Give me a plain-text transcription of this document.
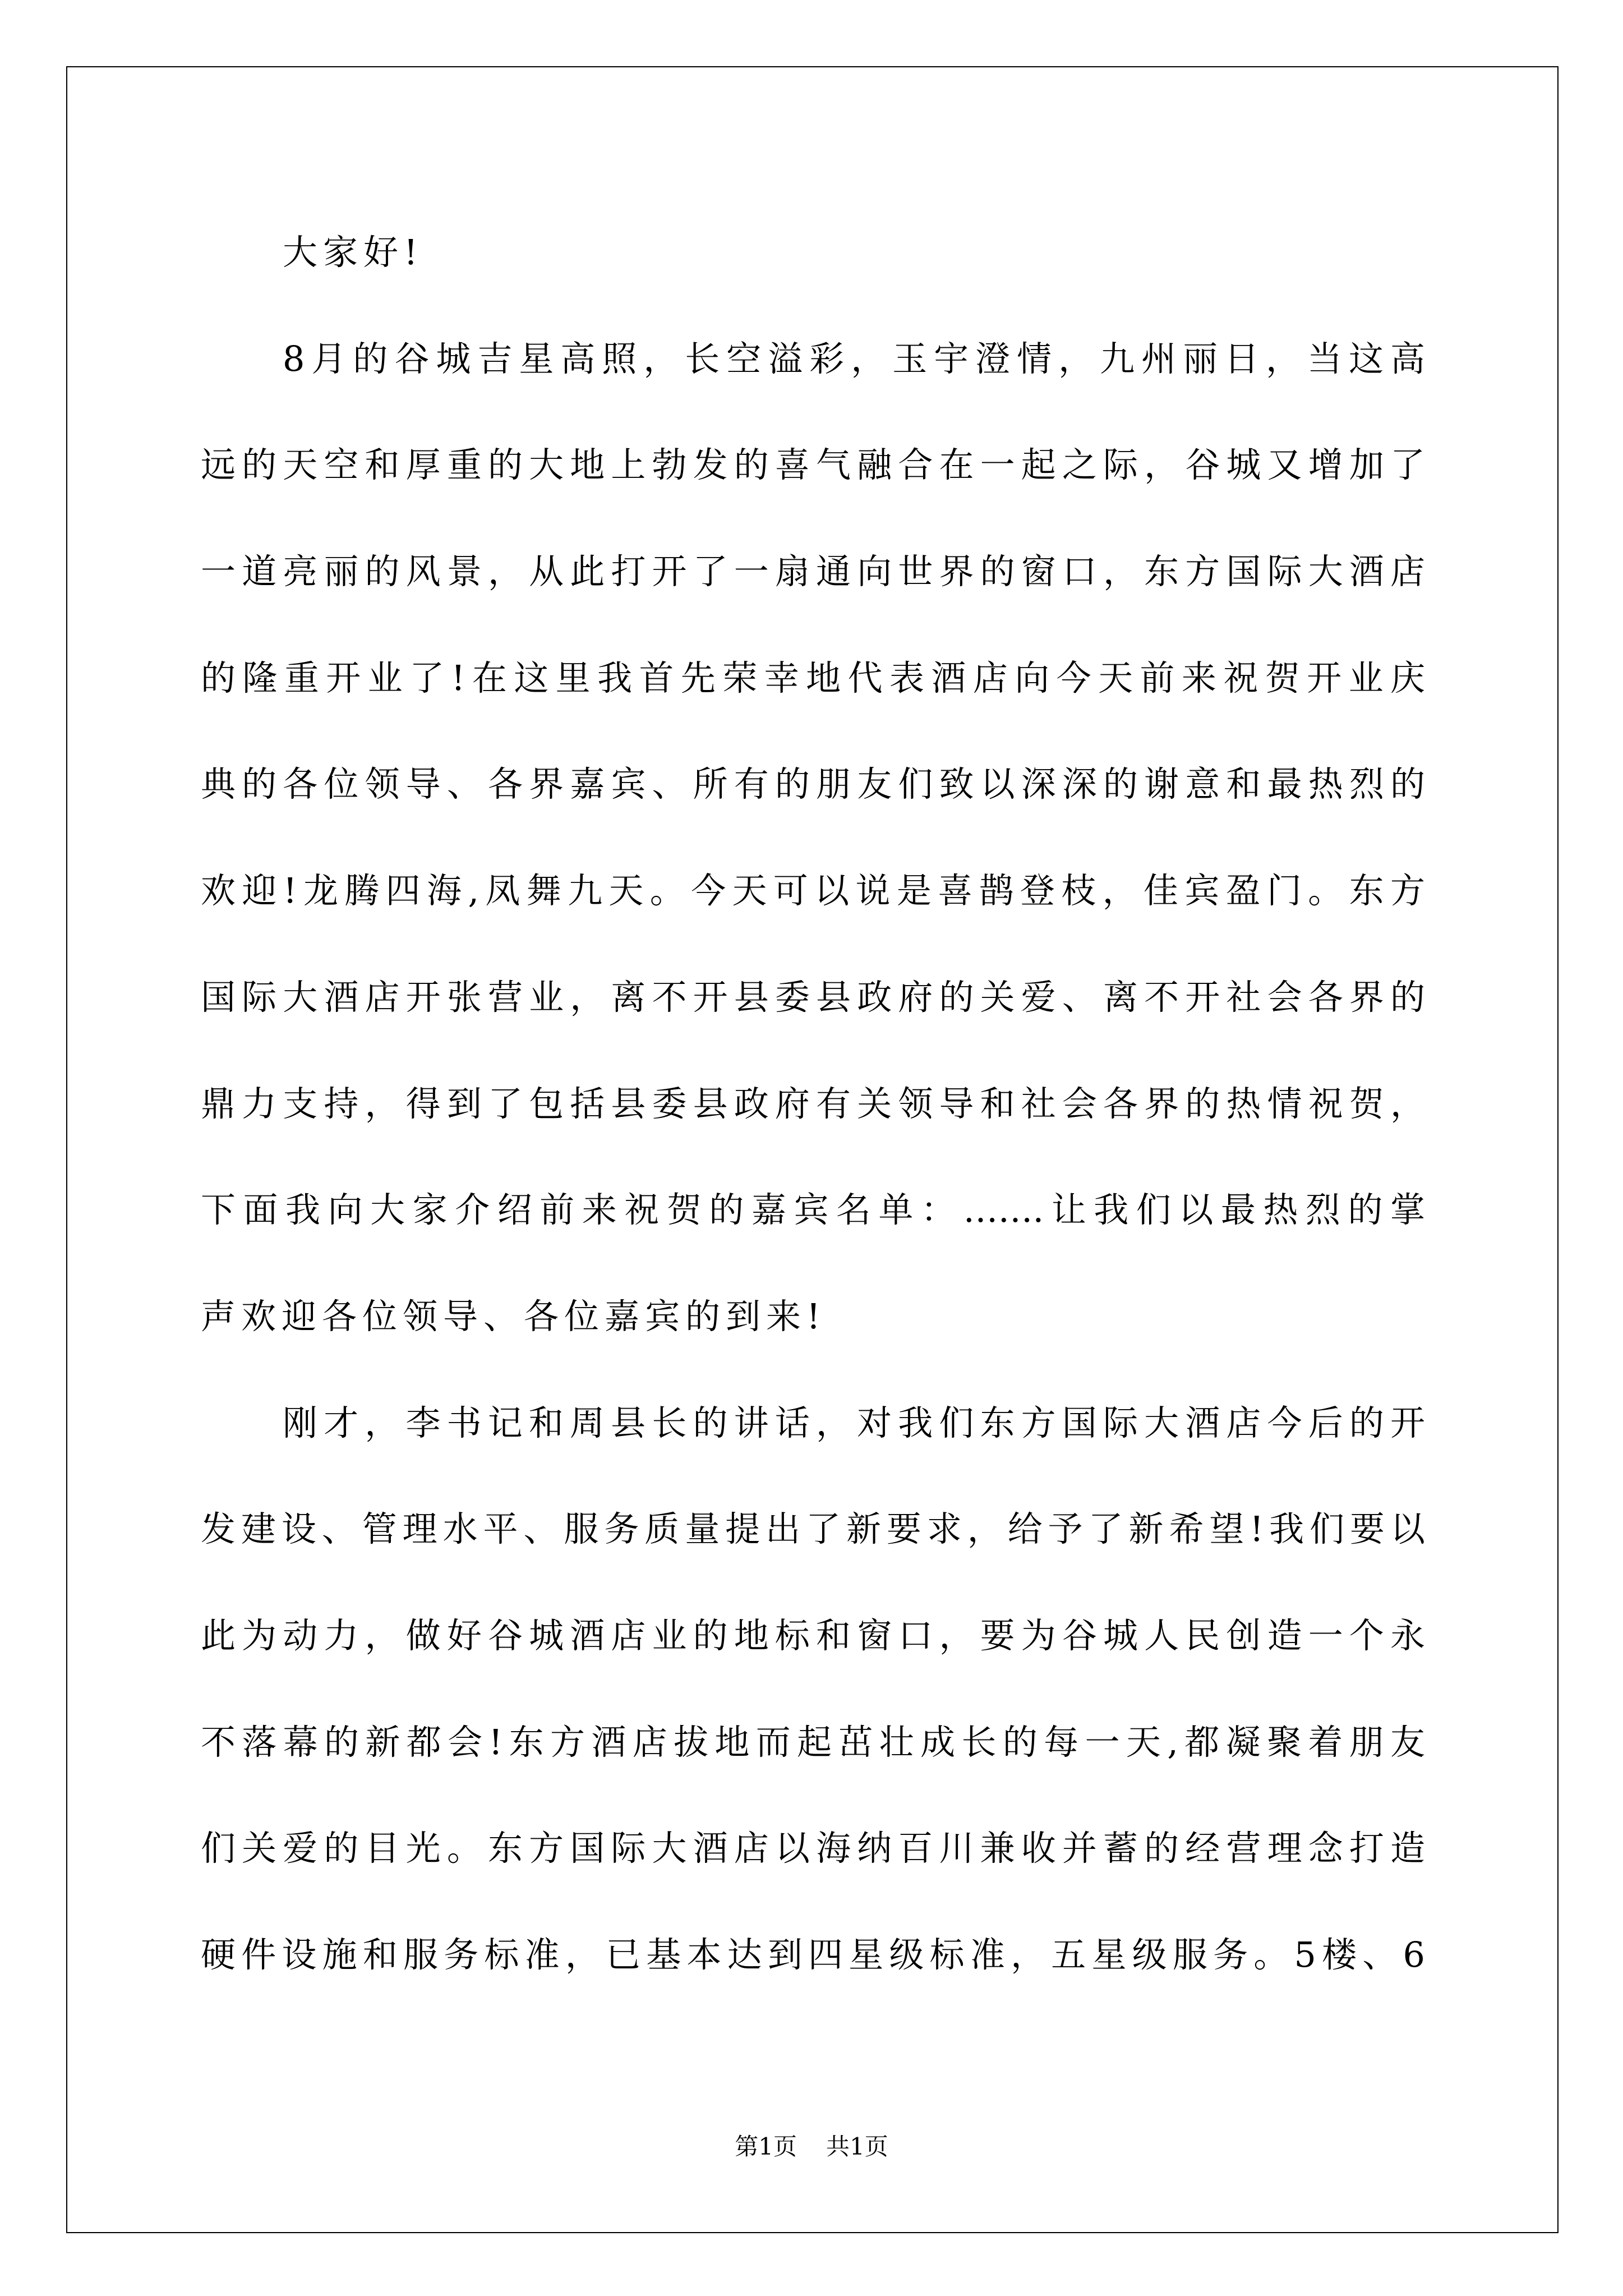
大家好!
8月的谷城吉星高照，长空溢彩，玉宇澄情，九州丽日，当这高
远的天空和厚重的大地上勃发的喜气融合在一起之际，谷城又增加了
一道亮丽的风景，从此打开了一扇通向世界的窗口，东方国际大酒店
的隆重开业了!在这里我首先荣幸地代表酒店向今天前来祝贺开业庆
典的各位领导、各界嘉宾、所有的朋友们致以深深的谢意和最热烈的
欢迎!龙腾四海,凤舞九天。今天可以说是喜鹊登枝，佳宾盈门。东方
国际大酒店开张营业，离不开县委县政府的关爱、离不开社会各界的
鼎力支持，得到了包括县委县政府有关领导和社会各界的热情祝贺，
下面我向大家介绍前来祝贺的嘉宾名单：…….让我们以最热烈的掌
声欢迎各位领导、各位嘉宾的到来!
刚才，李书记和周县长的讲话，对我们东方国际大酒店今后的开
发建设、管理水平、服务质量提出了新要求，给予了新希望!我们要以
此为动力，做好谷城酒店业的地标和窗口，要为谷城人民创造一个永
不落幕的新都会!东方酒店拔地而起茁壮成长的每一天,都凝聚着朋友
们关爱的目光。东方国际大酒店以海纳百川兼收并蓄的经营理念打造
硬件设施和服务标准，已基本达到四星级标准，五星级服务。5楼、6
第1页 共1页
